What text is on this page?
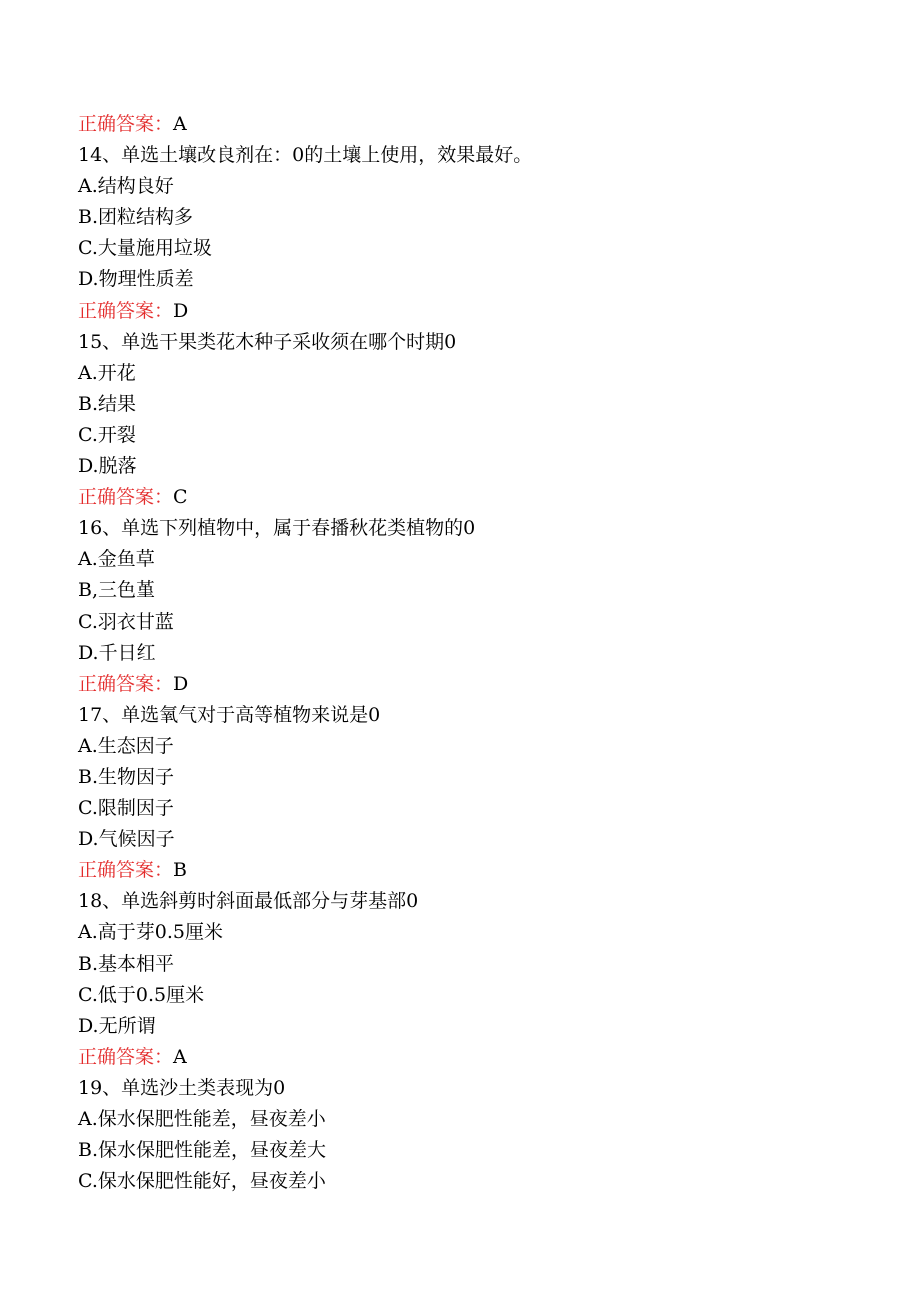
正确答案：A
14、单选土壤改良剂在：0的土壤上使用，效果最好。
A.结构良好
B.团粒结构多
C.大量施用垃圾
D.物理性质差
正确答案：D
15、单选干果类花木种子采收须在哪个时期0
A.开花
B.结果
C.开裂
D.脱落
正确答案：C
16、单选下列植物中，属于春播秋花类植物的0
A.金鱼草
B,三色堇
C.羽衣甘蓝
D.千日红
正确答案：D
17、单选氧气对于高等植物来说是0
A.生态因子
B.生物因子
C.限制因子
D.气候因子
正确答案：B
18、单选斜剪时斜面最低部分与芽基部0
A.高于芽0.5厘米
B.基本相平
C.低于0.5厘米
D.无所谓
正确答案：A
19、单选沙土类表现为0
A.保水保肥性能差，昼夜差小
B.保水保肥性能差，昼夜差大
C.保水保肥性能好，昼夜差小
